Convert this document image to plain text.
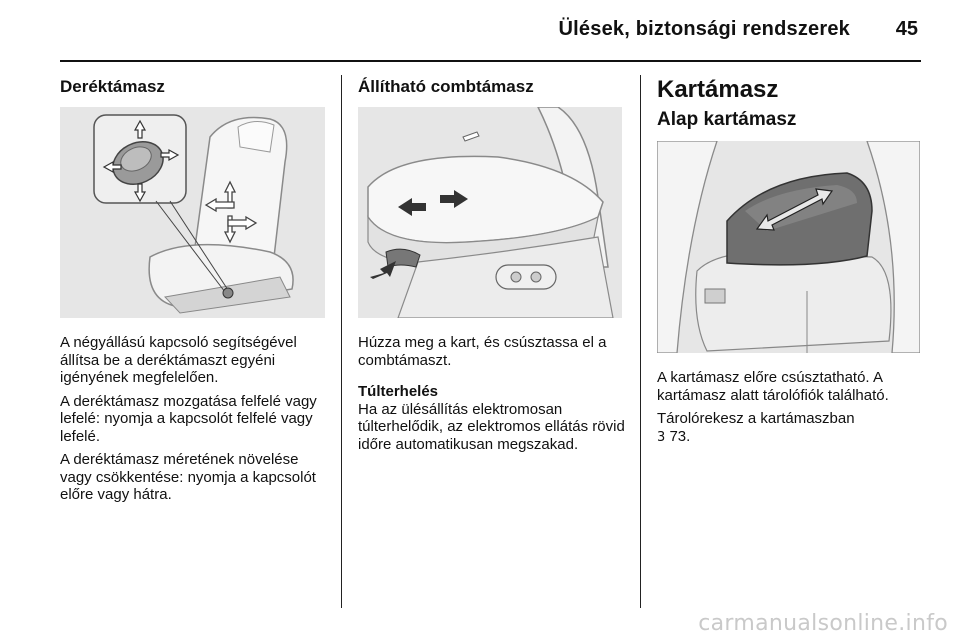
Ülések, biztonsági rendszerek 45
Deréktámasz

A négyállású kapcsoló segítségével állítsa be a deréktámaszt egyéni igényének megfelelően.

A deréktámasz mozgatása felfelé vagy lefelé: nyomja a kapcsolót felfelé vagy lefelé.

A deréktámasz méretének növelése vagy csökkentése: nyomja a kapcsolót előre vagy hátra.

Állítható combtámasz

Húzza meg a kart, és csúsztassa el a combtámaszt.

Túlterhelés
Ha az ülésállítás elektromosan túlterhelődik, az elektromos ellátás rövid időre automatikusan megszakad.

Kartámasz
Alap kartámasz

A kartámasz előre csúsztatható. A kartámasz alatt tárolófiók található.

Tárolórekesz a kartámaszban

3 73.

carmanualsonline.info
